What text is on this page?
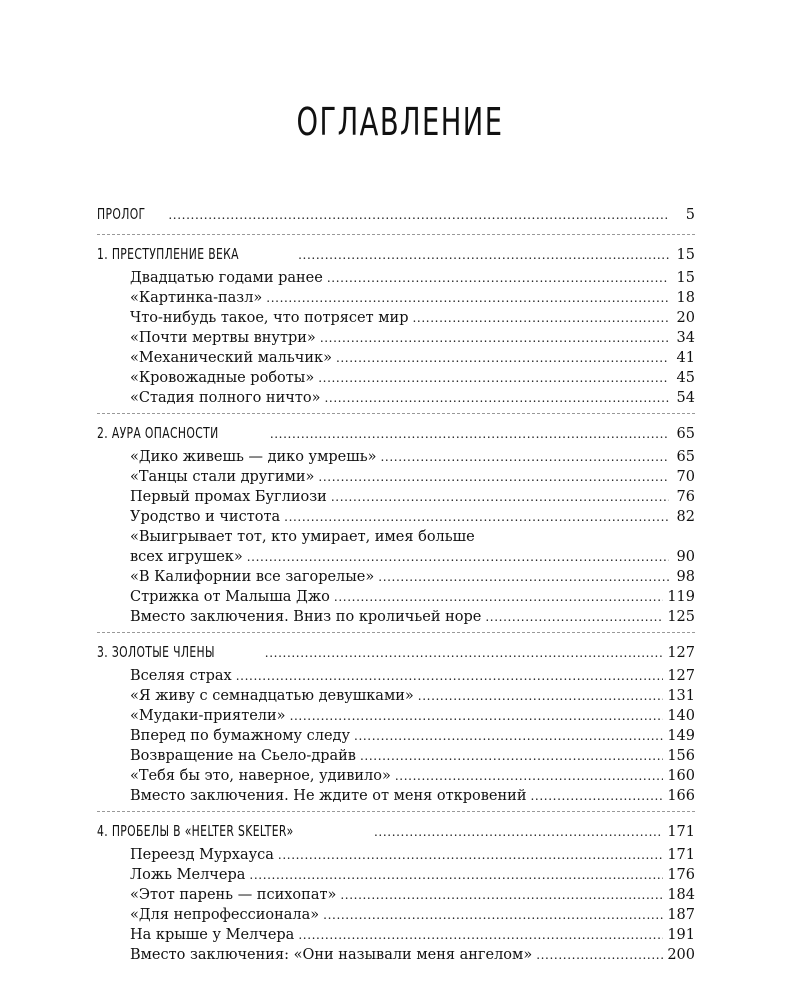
ОГЛАВЛЕНИЕ
ПРОЛОГ . . .	5
1. ПРЕСТУПЛЕНИЕ ВЕКА . . .	15
Двадцатью годами ранее . . .	15
«Картинка-пазл» . . .	18
Что-нибудь такое, что потрясет мир . . .	20
«Почти мертвы внутри» . . .	34
«Механический мальчик» . . .	41
«Кровожадные роботы» . . .	45
«Стадия полного ничто» . . .	54
2. АУРА ОПАСНОСТИ . . .	65
«Дико живешь — дико умрешь» . . .	65
«Танцы стали другими» . . .	70
Первый промах Буглиози . . .	76
Уродство и чистота . . .	82
«Выигрывает тот, кто умирает, имея больше
всех игрушек» . . .	90
«В Калифорнии все загорелые» . . .	98
Стрижка от Малыша Джо . . .	119
Вместо заключения. Вниз по кроличьей норе . . .	125
3. ЗОЛОТЫЕ ЧЛЕНЫ . . .	127
Вселяя страх . . .	127
«Я живу с семнадцатью девушками» . . .	131
«Мудаки-приятели» . . .	140
Вперед по бумажному следу . . .	149
Возвращение на Сьело-драйв . . .	156
«Тебя бы это, наверное, удивило» . . .	160
Вместо заключения. Не ждите от меня откровений . . .	166
4. ПРОБЕЛЫ В «HELTER SKELTER» . . .	171
Переезд Мурхауса . . .	171
Ложь Мелчера . . .	176
«Этот парень — психопат» . . .	184
«Для непрофессионала» . . .	187
На крыше у Мелчера . . .	191
Вместо заключения: «Они называли меня ангелом» . . .	200
